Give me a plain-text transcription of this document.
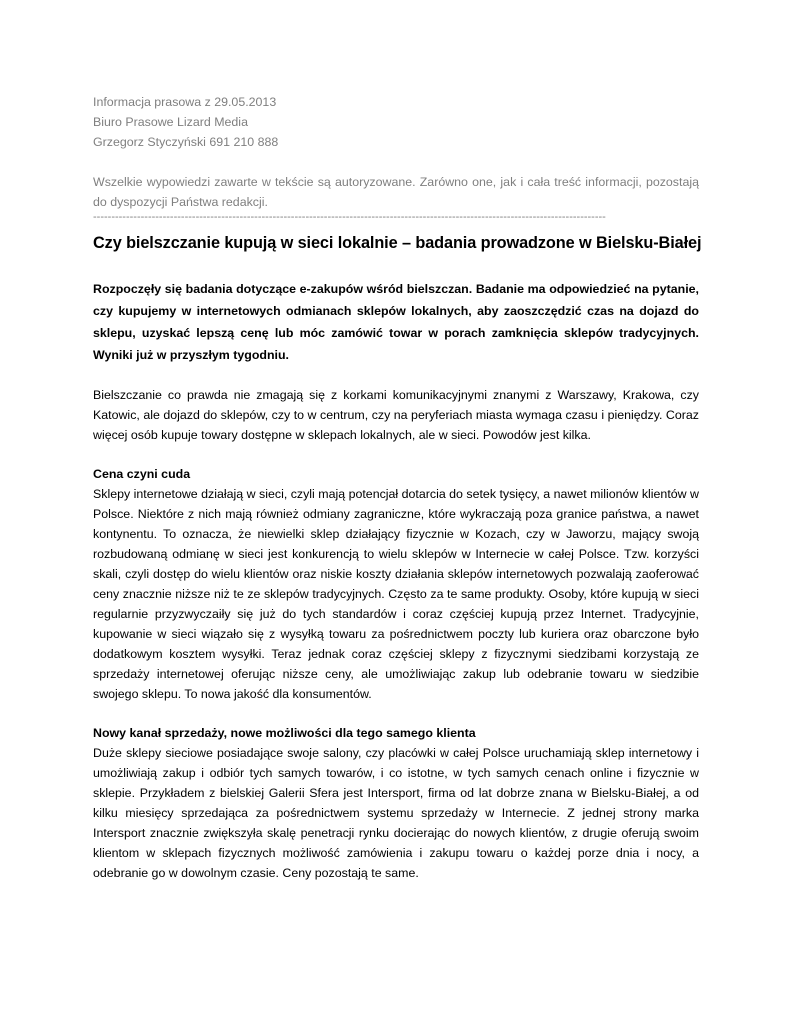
Informacja prasowa z 29.05.2013
Biuro Prasowe Lizard Media
Grzegorz Styczyński 691 210 888
Wszelkie wypowiedzi zawarte w tekście są autoryzowane. Zarówno one, jak i cała treść informacji, pozostają do dyspozycji Państwa redakcji.
--------------------------------------------------------------------------------------------------------------------------------------------
Czy bielszczanie kupują w sieci lokalnie – badania prowadzone w Bielsku-Białej
Rozpoczęły się badania dotyczące e-zakupów wśród bielszczan. Badanie ma odpowiedzieć na pytanie, czy kupujemy w internetowych odmianach sklepów lokalnych, aby zaoszczędzić czas na dojazd do sklepu, uzyskać lepszą cenę lub móc zamówić towar w porach zamknięcia sklepów tradycyjnych. Wyniki już w przyszłym tygodniu.
Bielszczanie co prawda nie zmagają się z korkami komunikacyjnymi znanymi z Warszawy, Krakowa, czy Katowic, ale dojazd do sklepów, czy to w centrum, czy na peryferiach miasta wymaga czasu i pieniędzy. Coraz więcej osób kupuje towary dostępne w sklepach lokalnych, ale w sieci. Powodów jest kilka.
Cena czyni cuda
Sklepy internetowe działają w sieci, czyli mają potencjał dotarcia do setek tysięcy, a nawet milionów klientów w Polsce. Niektóre z nich mają również odmiany zagraniczne, które wykraczają poza granice państwa, a nawet kontynentu. To oznacza, że niewielki sklep działający fizycznie w Kozach, czy w Jaworzu, mający swoją rozbudowaną odmianę w sieci jest konkurencją to wielu sklepów w Internecie w całej Polsce. Tzw. korzyści skali, czyli dostęp do wielu klientów oraz niskie koszty działania sklepów internetowych pozwalają zaoferować ceny znacznie niższe niż te ze sklepów tradycyjnych. Często za te same produkty. Osoby, które kupują w sieci regularnie przyzwyczaiły się już do tych standardów i coraz częściej kupują przez Internet. Tradycyjnie, kupowanie w sieci wiązało się z wysyłką towaru za pośrednictwem poczty lub kuriera oraz obarczone było dodatkowym kosztem wysyłki. Teraz jednak coraz częściej sklepy z fizycznymi siedzibami korzystają ze sprzedaży internetowej oferując niższe ceny, ale umożliwiając zakup lub odebranie towaru w siedzibie swojego sklepu. To nowa jakość dla konsumentów.
Nowy kanał sprzedaży, nowe możliwości dla tego samego klienta
Duże sklepy sieciowe posiadające swoje salony, czy placówki w całej Polsce uruchamiają sklep internetowy i umożliwiają zakup i odbiór tych samych towarów, i co istotne, w tych samych cenach online i fizycznie w sklepie. Przykładem z bielskiej Galerii Sfera jest Intersport, firma od lat dobrze znana w Bielsku-Białej, a od kilku miesięcy sprzedająca za pośrednictwem systemu sprzedaży w Internecie. Z jednej strony marka Intersport znacznie zwiększyła skalę penetracji rynku docierając do nowych klientów, z drugie oferują swoim klientom w sklepach fizycznych możliwość zamówienia i zakupu towaru o każdej porze dnia i nocy, a odebranie go w dowolnym czasie. Ceny pozostają te same.
